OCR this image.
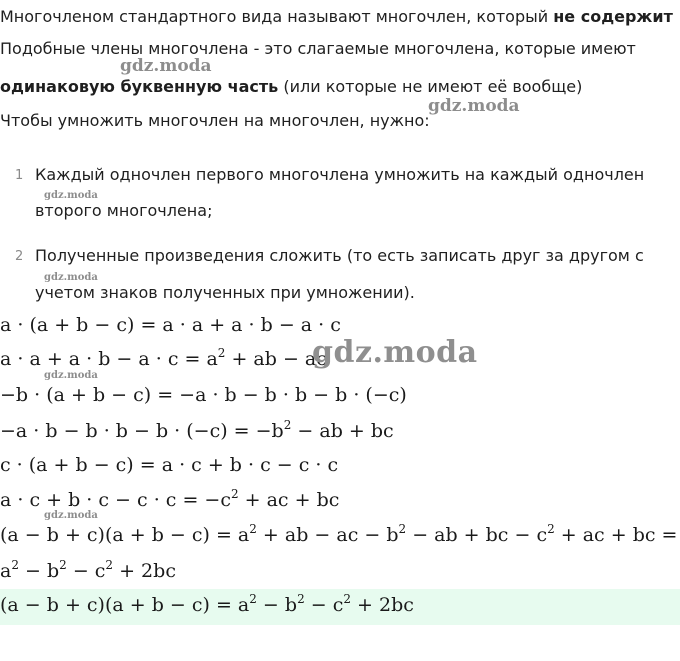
Многочленом стандартного вида называют многочлен, который не содержит
Подобные члены многочлена - это слагаемые многочлена, которые имеют
одинаковую буквенную часть (или которые не имеют её вообще)
Чтобы умножить многочлен на многочлен, нужно:
1 Каждый одночлен первого многочлена умножить на каждый одночлен
второго многочлена;
2 Полученные произведения сложить (то есть записать друг за другом с
учетом знаков полученных при умножении).
a · (a + b − c) = a · a + a · b − a · c
$a \cdot a + a \cdot b - a \cdot c = a^2$ + ab − ac
−b · (a + b − c) = −a · b − b · b − b · (−c)
$-a \cdot b - b \cdot b - b \cdot (-c) = -b^2$ − ab + bc
c · (a + b − c) = a · c + b · c − c · c
$a \cdot c + b \cdot c - c \cdot c = -c^2$ + ac + bc
$(a - b + c)(a + b - c) = a^2$ + ab − ac − $b^2$ − ab + bc − $c^2$ + ac + bc =
$a^2 - b^2 - c^2 + 2bc$
$(a - b + c)(a + b - c) = a^2 - b^2 - c^2 + 2bc$
gdz.moda
gdz.moda
gdz.moda
gdz.moda
gdz.moda
gdz.moda
gdz.moda
